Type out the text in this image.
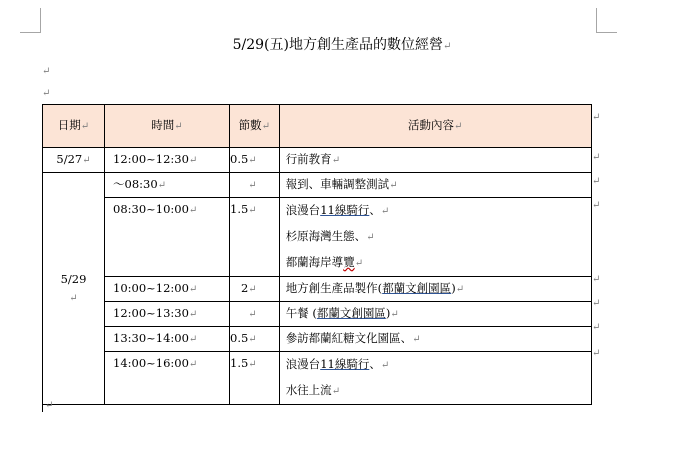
5/29(五)地方創生產品的數位經營↵
↵
↵
日期↵	時間↵	節數↵	活動內容↵
5/27↵	12:00~12:30↵	0.5↵	行前教育↵

5/29
↵	～08:30↵	↵	報到、車輛調整測試↵
	08:30~10:00↵	1.5↵	浪漫台11線騎行、↵
杉原海灣生態、↵
都蘭海岸導覽↵

	10:00~12:00↵	2↵	地方創生產品製作(都蘭文創園區)↵
	12:00~13:30↵	↵	午餐 (都蘭文創園區)↵
	13:30~14:00↵	0.5↵	參訪都蘭紅糖文化園區、↵
	14:00~16:00↵	1.5↵	浪漫台11線騎行、↵
水往上流↵
↵
↵
↵
↵
↵
↵
↵
↵
↵
